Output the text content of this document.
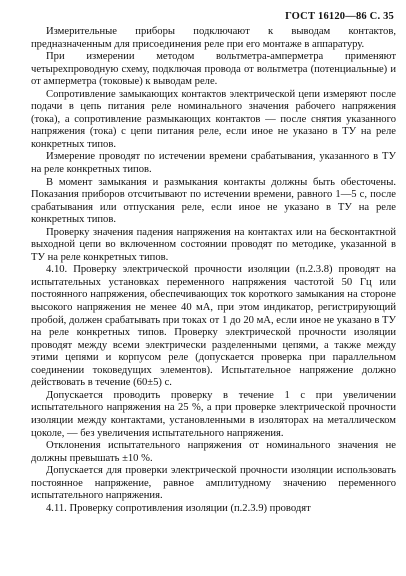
ГОСТ 16120—86 С. 35

Измерительные приборы подключают к выводам контактов, предназначенным для присоединения реле при его монтаже в аппаратуру.

При измерении методом вольтметра-амперметра применяют четырехпроводную схему, подключая провода от вольтметра (потенциальные) и от амперметра (токовые) к выводам реле.

Сопротивление замыкающих контактов электрической цепи измеряют после подачи в цепь питания реле номинального значения рабочего напряжения (тока), а сопротивление размыкающих контактов — после снятия указанного напряжения (тока) с цепи питания реле, если иное не указано в ТУ на реле конкретных типов.

Измерение проводят по истечении времени срабатывания, указанного в ТУ на реле конкретных типов.

В момент замыкания и размыкания контакты должны быть обесточены. Показания приборов отсчитывают по истечении времени, равного 1—5 с, после срабатывания или отпускания реле, если иное не указано в ТУ на реле конкретных типов.

Проверку значения падения напряжения на контактах или на бесконтактной выходной цепи во включенном состоянии проводят по методике, указанной в ТУ на реле конкретных типов.

4.10. Проверку электрической прочности изоляции (п.2.3.8) проводят на испытательных установках переменного напряжения частотой 50 Гц или постоянного напряжения, обеспечивающих ток короткого замыкания на стороне высокого напряжения не менее 40 мА, при этом индикатор, регистрирующий пробой, должен срабатывать при токах от 1 до 20 мА, если иное не указано в ТУ на реле конкретных типов. Проверку электрической прочности изоляции проводят между всеми электрически разделенными цепями, а также между этими цепями и корпусом реле (допускается проверка при параллельном соединении токоведущих элементов). Испытательное напряжение должно действовать в течение (60±5) с.

Допускается проводить проверку в течение 1 с при увеличении испытательного напряжения на 25 %, а при проверке электрической прочности изоляции между контактами, установленными в изоляторах на металлическом цоколе, — без увеличения испытательного напряжения.

Отклонения испытательного напряжения от номинального значения не должны превышать ±10 %.

Допускается для проверки электрической прочности изоляции использовать постоянное напряжение, равное амплитудному значению переменного испытательного напряжения.

4.11. Проверку сопротивления изоляции (п.2.3.9) проводят
